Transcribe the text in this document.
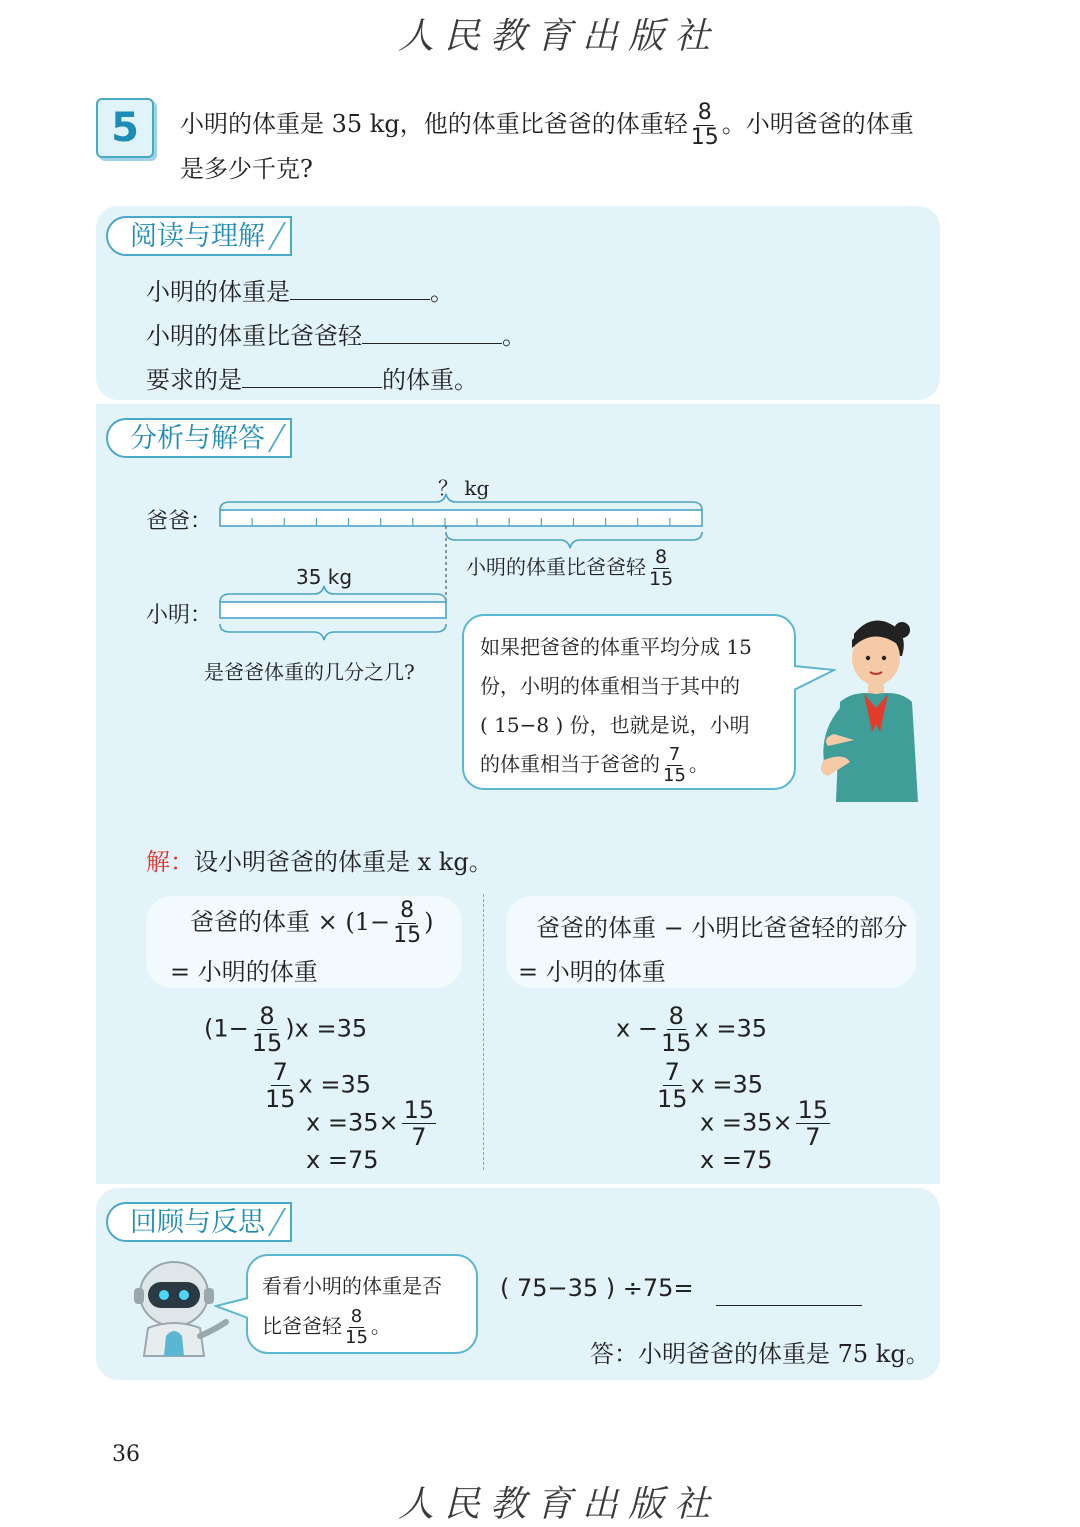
人民教育出版社
5	小明的体重是 35 kg，他的体重比爸爸的体重轻 $\frac{8}{15}$ 。小明爸爸的体重
是多少千克?
阅读与理解
小明的体重是	。
小明的体重比爸爸轻	。
要求的是	的体重。
分析与解答
爸爸：
？ kg
小明的体重比爸爸轻 $\frac{8}{15}$
35 kg
小明：
是爸爸体重的几分之几?
如果把爸爸的体重平均分成 15
份，小明的体重相当于其中的
( 15−8 ) 份，也就是说，小明
的体重相当于爸爸的 $\frac{7}{15}$ 。
解：设小明爸爸的体重是 x kg。
爸爸的体重 × ($1- \frac{8}{15}$ )
= 小明的体重
爸爸的体重 − 小明比爸爸轻的部分
= 小明的体重
$(1- \frac{8}{15} )x =35$
$\frac{7}{15}$ x =35
$x =35\times \frac{15}{7}$
x =75
$x - \frac{8}{15}$ x =35
$\frac{7}{15}$ x =35
$x =35\times \frac{15}{7}$
x =75
回顾与反思
看看小明的体重是否
比爸爸轻 $\frac{8}{15}$ 。
( 75−35 ) ÷75=
答：小明爸爸的体重是 75 kg。
36
人民教育出版社
